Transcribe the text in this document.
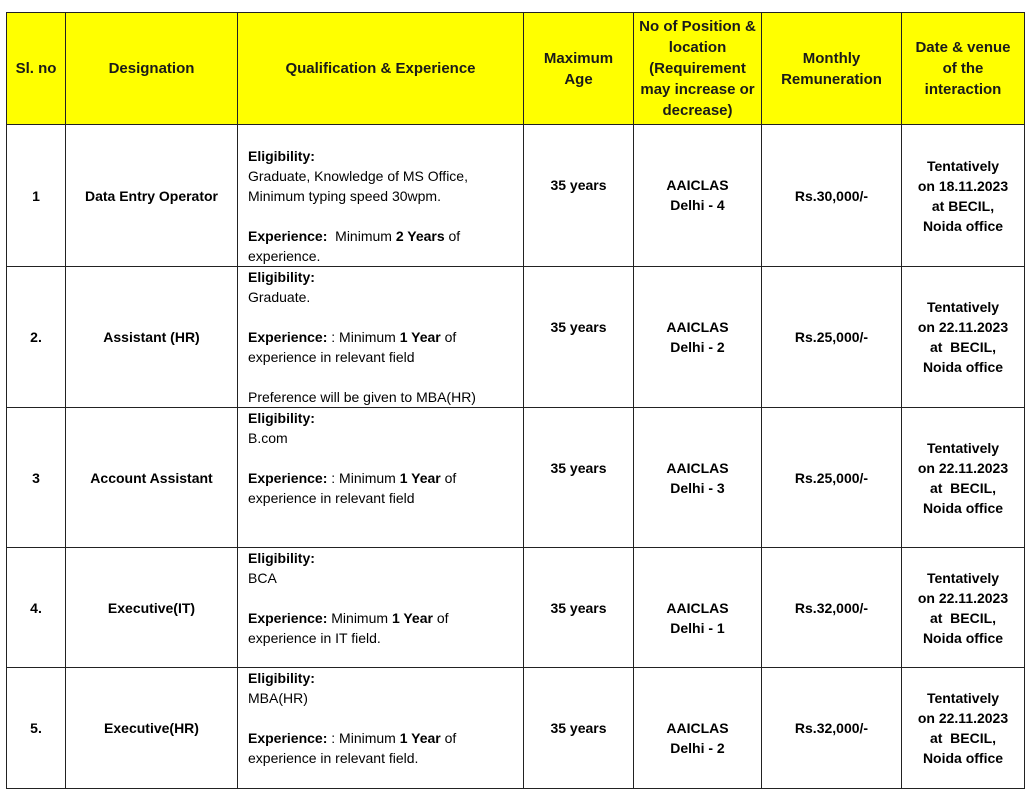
Sl. no	Designation	Qualification & Experience	Maximum Age	No of Position & location (Requirement may increase or decrease)	Monthly Remuneration	Date & venue of the interaction
1	Data Entry Operator	Eligibility:
Graduate, Knowledge of MS Office,
Minimum typing speed 30wpm.
Experience:  Minimum 2 Years of
experience.	35 years	AAICLAS
Delhi - 4	Rs.30,000/-	Tentatively
on 18.11.2023
at BECIL,
Noida office

2.	Assistant (HR)	Eligibility:
Graduate.
Experience: : Minimum 1 Year of
experience in relevant field
Preference will be given to MBA(HR)	35 years	AAICLAS
Delhi - 2	Rs.25,000/-	Tentatively
on 22.11.2023
at  BECIL,
Noida office

3	Account Assistant	Eligibility:
B.com
Experience: : Minimum 1 Year of
experience in relevant field	35 years	AAICLAS
Delhi - 3	Rs.25,000/-	Tentatively
on 22.11.2023
at  BECIL,
Noida office

4.	Executive(IT)	Eligibility:
BCA
Experience: Minimum 1 Year of
experience in IT field.	35 years	AAICLAS
Delhi - 1	Rs.32,000/-	Tentatively
on 22.11.2023
at  BECIL,
Noida office

5.	Executive(HR)	Eligibility:
MBA(HR)
Experience: : Minimum 1 Year of
experience in relevant field.	35 years	AAICLAS
Delhi - 2	Rs.32,000/-	Tentatively
on 22.11.2023
at  BECIL,
Noida office
